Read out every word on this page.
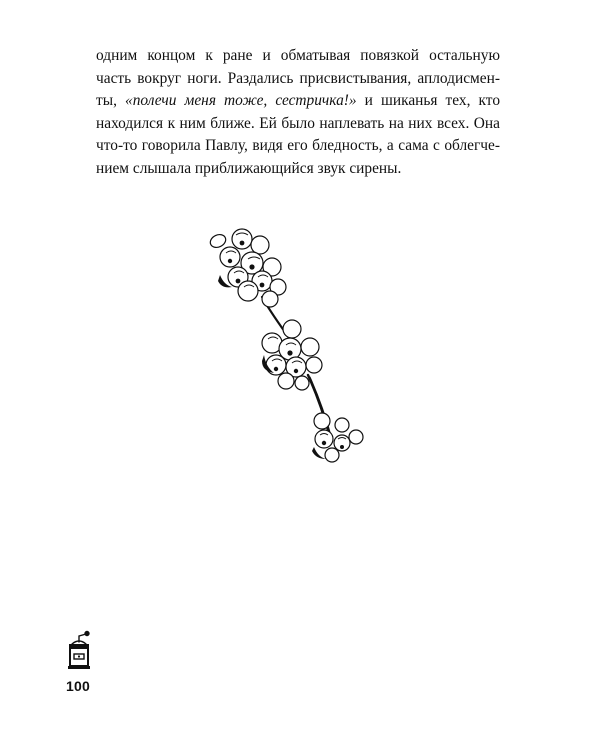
одним концом к ране и обматывая повязкой остальную
часть вокруг ноги. Раздались присвистывания, аплодисмен-
ты, «полечи меня тоже, сестричка!» и шиканья тех, кто
находился к ним ближе. Ей было наплевать на них всех. Она
что-то говорила Павлу, видя его бледность, а сама с облегче-
нием слышала приближающийся звук сирены.
100
